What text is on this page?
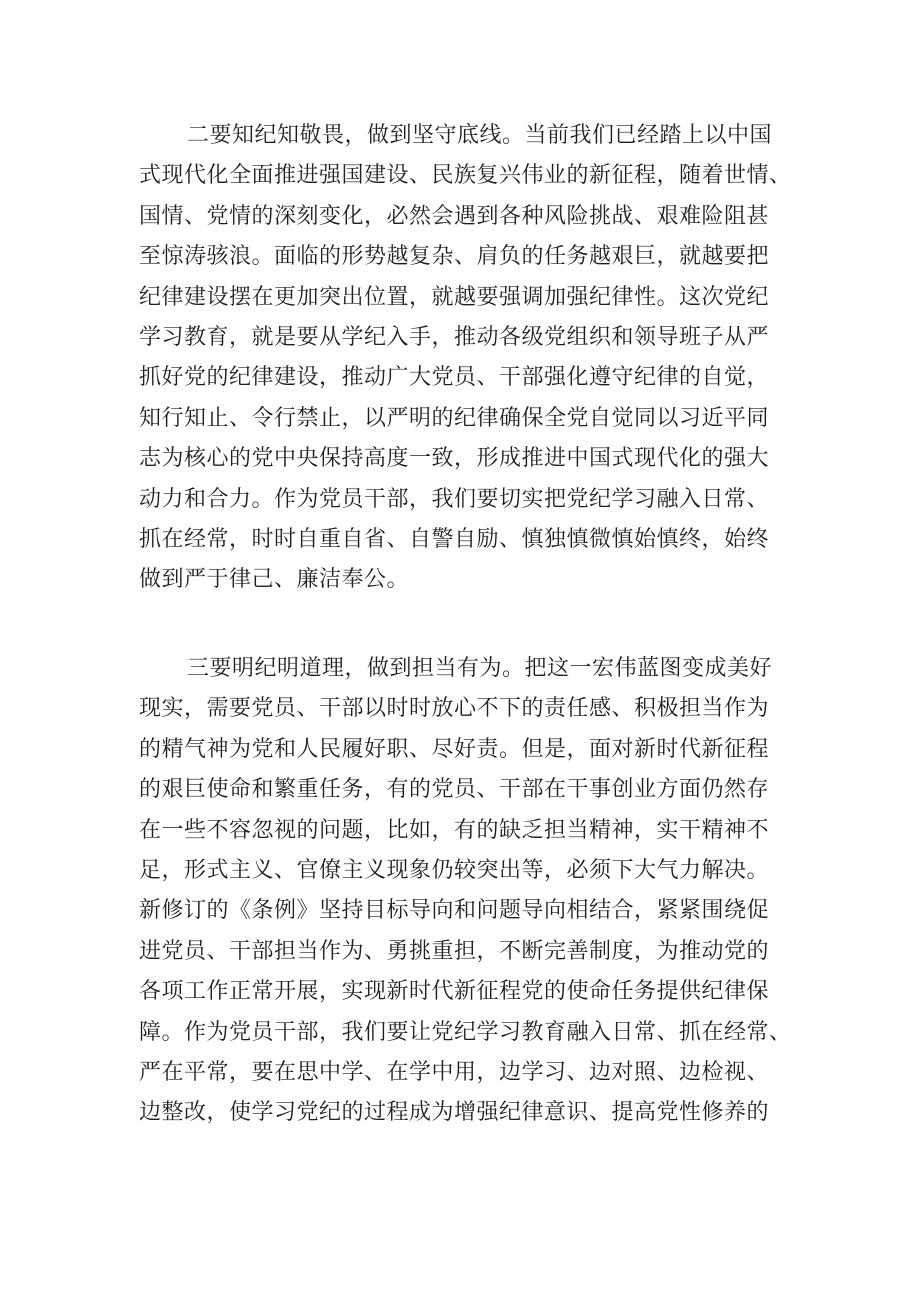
二要知纪知敬畏，做到坚守底线。当前我们已经踏上以中国
式现代化全面推进强国建设、民族复兴伟业的新征程，随着世情、
国情、党情的深刻变化，必然会遇到各种风险挑战、艰难险阻甚
至惊涛骇浪。面临的形势越复杂、肩负的任务越艰巨，就越要把
纪律建设摆在更加突出位置，就越要强调加强纪律性。这次党纪
学习教育，就是要从学纪入手，推动各级党组织和领导班子从严
抓好党的纪律建设，推动广大党员、干部强化遵守纪律的自觉，
知行知止、令行禁止，以严明的纪律确保全党自觉同以习近平同
志为核心的党中央保持高度一致，形成推进中国式现代化的强大
动力和合力。作为党员干部，我们要切实把党纪学习融入日常、
抓在经常，时时自重自省、自警自励、慎独慎微慎始慎终，始终
做到严于律己、廉洁奉公。
三要明纪明道理，做到担当有为。把这一宏伟蓝图变成美好
现实，需要党员、干部以时时放心不下的责任感、积极担当作为
的精气神为党和人民履好职、尽好责。但是，面对新时代新征程
的艰巨使命和繁重任务，有的党员、干部在干事创业方面仍然存
在一些不容忽视的问题，比如，有的缺乏担当精神，实干精神不
足，形式主义、官僚主义现象仍较突出等，必须下大气力解决。
新修订的《条例》坚持目标导向和问题导向相结合，紧紧围绕促
进党员、干部担当作为、勇挑重担，不断完善制度，为推动党的
各项工作正常开展，实现新时代新征程党的使命任务提供纪律保
障。作为党员干部，我们要让党纪学习教育融入日常、抓在经常、
严在平常，要在思中学、在学中用，边学习、边对照、边检视、
边整改，使学习党纪的过程成为增强纪律意识、提高党性修养的
